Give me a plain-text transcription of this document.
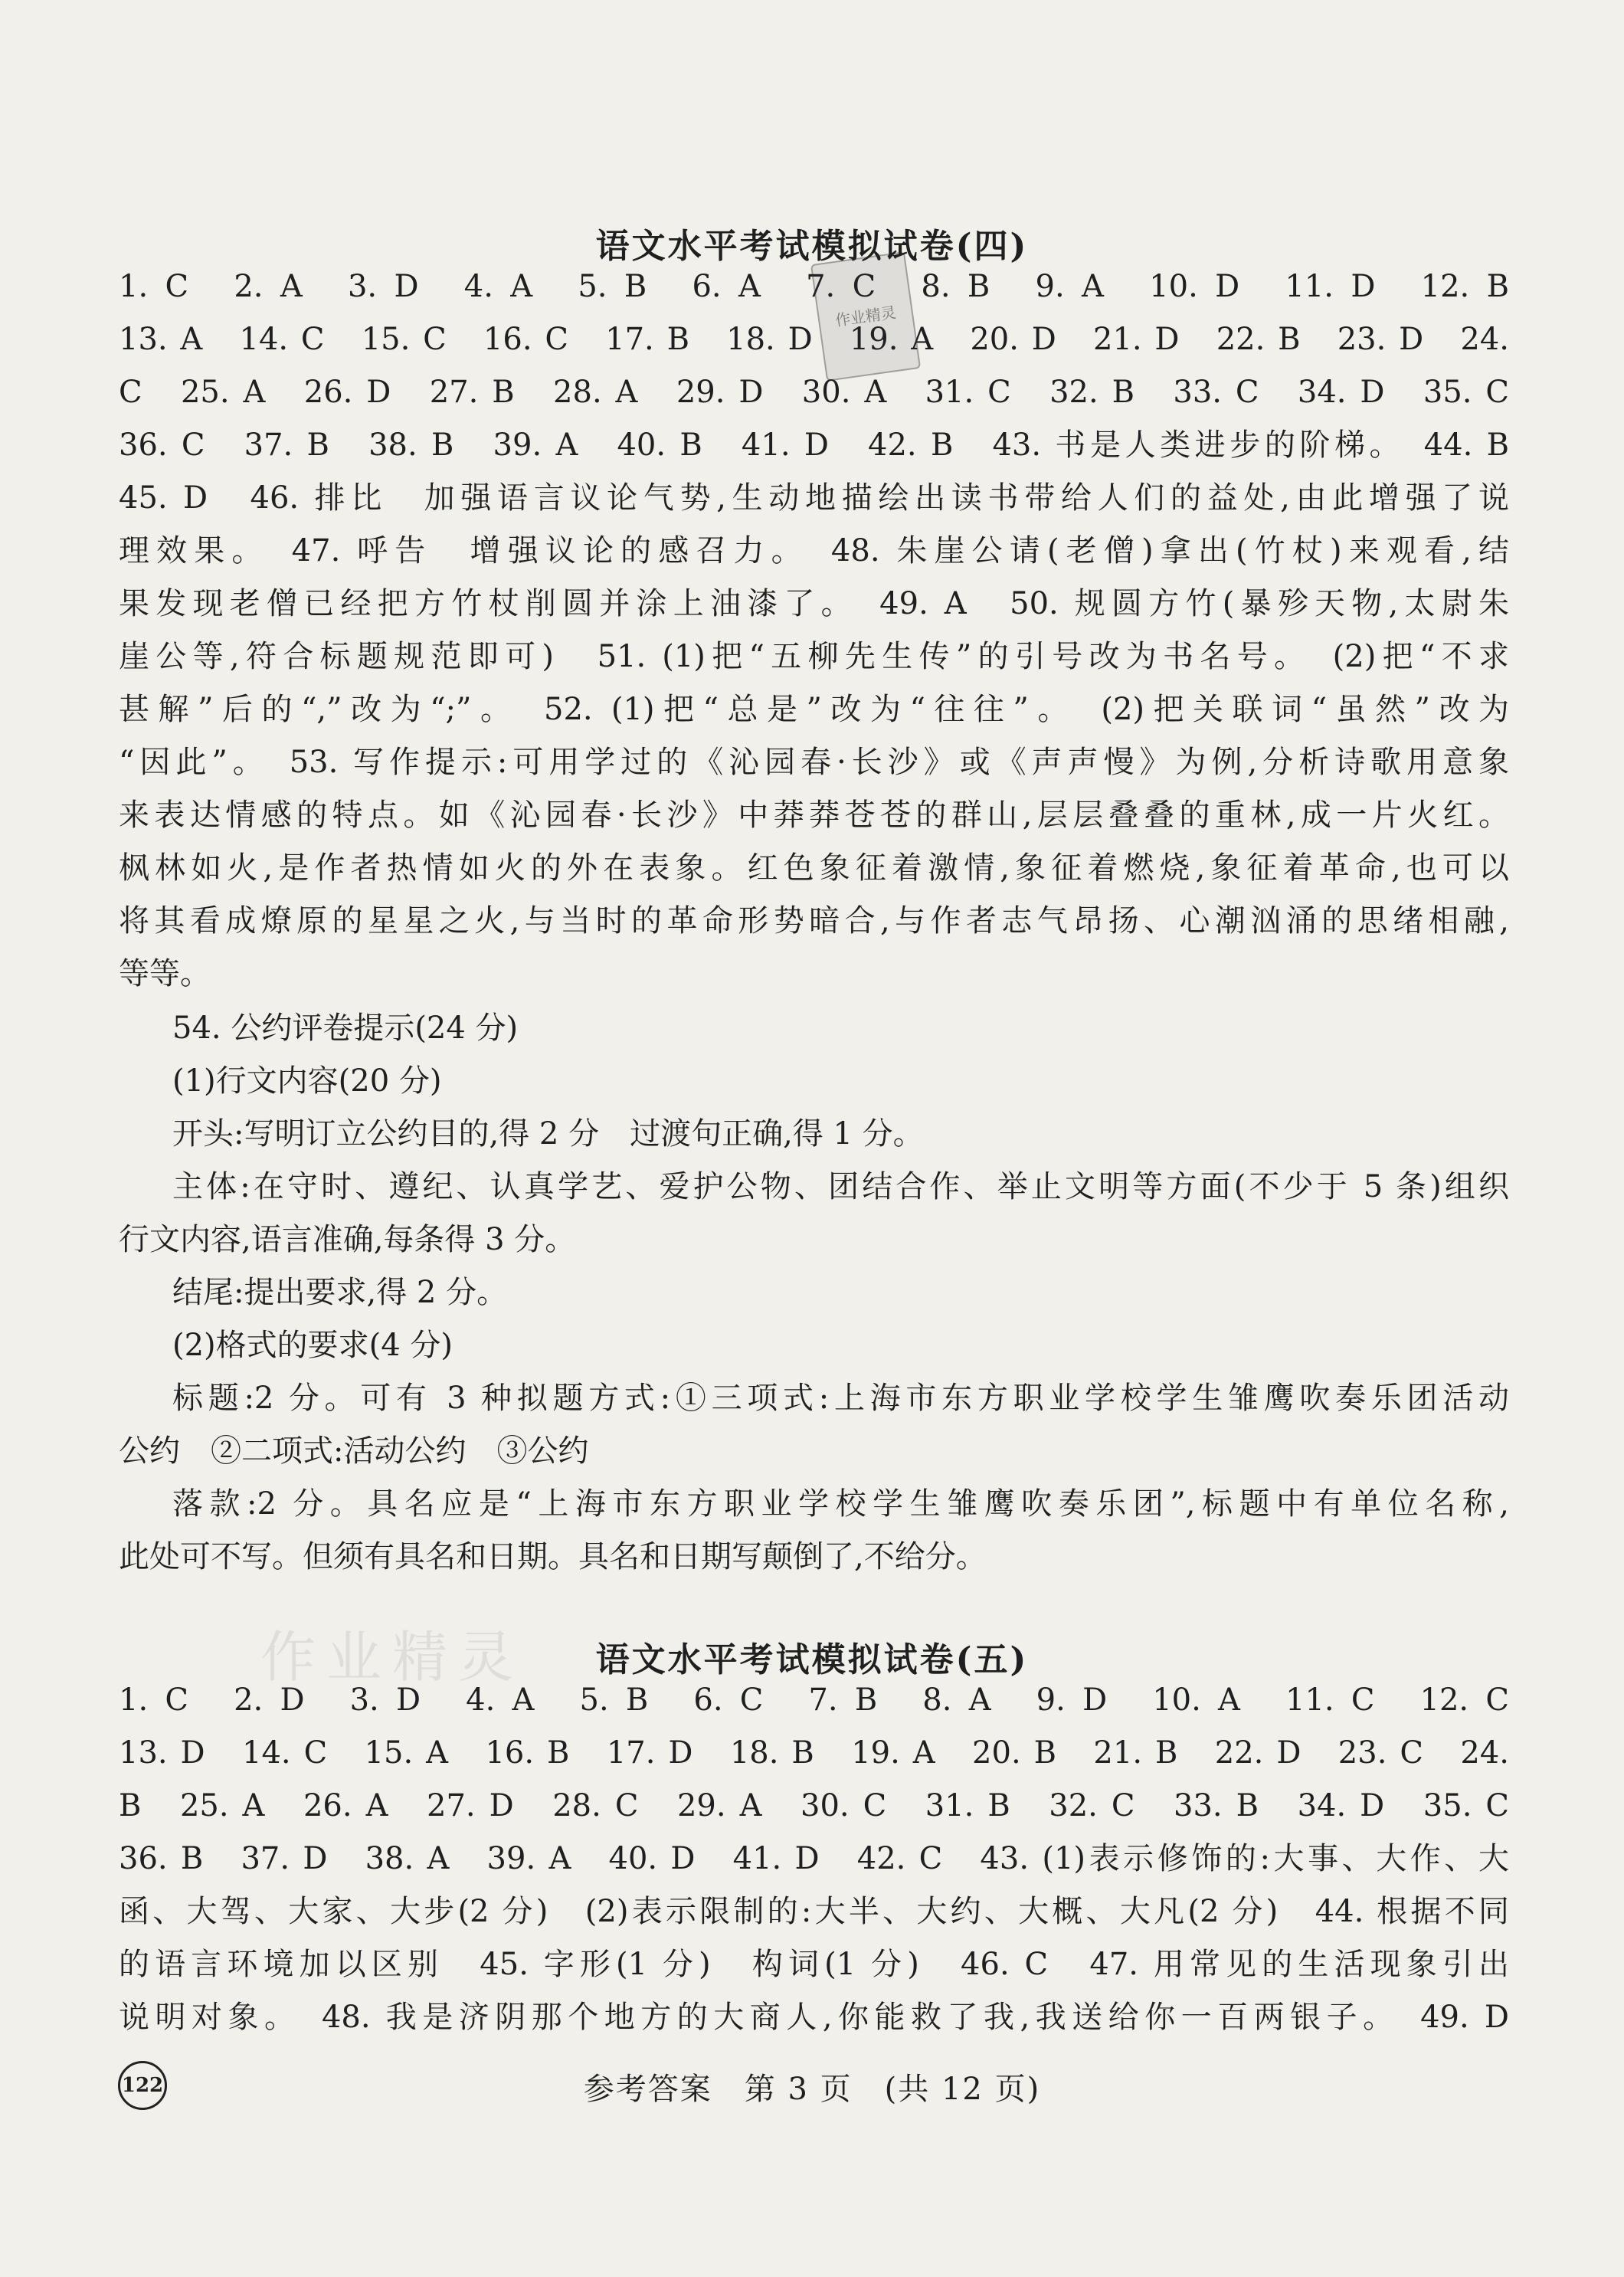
语文水平考试模拟试卷(四)
1. C　2. A　3. D　4. A　5. B　6. A　7. C　8. B　9. A　10. D　11. D　12. B
13. A　14. C　15. C　16. C　17. B　18. D　19. A　20. D　21. D　22. B　23. D　24.
C　25. A　26. D　27. B　28. A　29. D　30. A　31. C　32. B　33. C　34. D　35. C
36. C　37. B　38. B　39. A　40. B　41. D　42. B　43. 书是人类进步的阶梯。　44. B
45. D　46. 排比　加强语言议论气势,生动地描绘出读书带给人们的益处,由此增强了说
理效果。　47. 呼告　增强议论的感召力。　48. 朱崖公请(老僧)拿出(竹杖)来观看,结
果发现老僧已经把方竹杖削圆并涂上油漆了。　49. A　50. 规圆方竹(暴殄天物,太尉朱
崖公等,符合标题规范即可)　51. (1)把“五柳先生传”的引号改为书名号。　(2)把“不求
甚解”后的“,”改为“;”。　52. (1)把“总是”改为“往往”。　(2)把关联词“虽然”改为
“因此”。　53. 写作提示:可用学过的《沁园春·长沙》或《声声慢》为例,分析诗歌用意象
来表达情感的特点。如《沁园春·长沙》中莽莽苍苍的群山,层层叠叠的重林,成一片火红。
枫林如火,是作者热情如火的外在表象。红色象征着激情,象征着燃烧,象征着革命,也可以
将其看成燎原的星星之火,与当时的革命形势暗合,与作者志气昂扬、心潮汹涌的思绪相融,
等等。
54. 公约评卷提示(24 分)
(1)行文内容(20 分)
开头:写明订立公约目的,得 2 分　过渡句正确,得 1 分。
主体:在守时、遵纪、认真学艺、爱护公物、团结合作、举止文明等方面(不少于 5 条)组织
行文内容,语言准确,每条得 3 分。
结尾:提出要求,得 2 分。
(2)格式的要求(4 分)
标题:2 分。可有 3 种拟题方式:①三项式:上海市东方职业学校学生雏鹰吹奏乐团活动
公约　②二项式:活动公约　③公约
落款:2 分。具名应是“上海市东方职业学校学生雏鹰吹奏乐团”,标题中有单位名称,
此处可不写。但须有具名和日期。具名和日期写颠倒了,不给分。
语文水平考试模拟试卷(五)
1. C　2. D　3. D　4. A　5. B　6. C　7. B　8. A　9. D　10. A　11. C　12. C
13. D　14. C　15. A　16. B　17. D　18. B　19. A　20. B　21. B　22. D　23. C　24.
B　25. A　26. A　27. D　28. C　29. A　30. C　31. B　32. C　33. B　34. D　35. C
36. B　37. D　38. A　39. A　40. D　41. D　42. C　43. (1)表示修饰的:大事、大作、大
函、大驾、大家、大步(2 分)　(2)表示限制的:大半、大约、大概、大凡(2 分)　44. 根据不同
的语言环境加以区别　45. 字形(1 分)　构词(1 分)　46. C　47. 用常见的生活现象引出
说明对象。　48. 我是济阴那个地方的大商人,你能救了我,我送给你一百两银子。　49. D
作业精灵
作业精灵
122	参考答案　第 3 页　(共 12 页)
